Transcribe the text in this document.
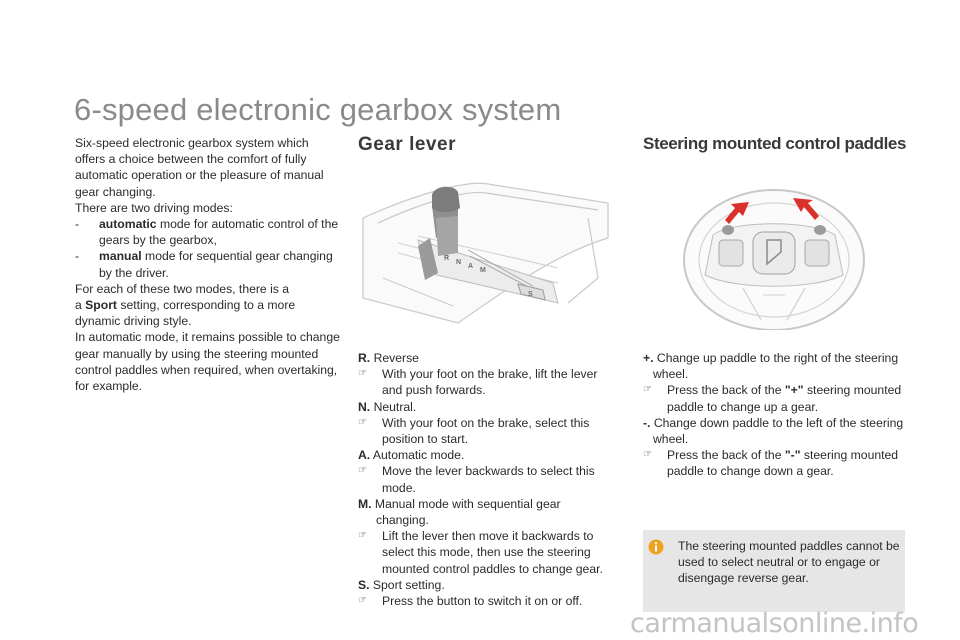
6-speed electronic gearbox system

Six-speed electronic gearbox system which offers a choice between the comfort of fully automatic operation or the pleasure of manual gear changing.

There are two driving modes:

-	automatic mode for automatic control of the gears by the gearbox,
-	manual mode for sequential gear changing by the driver.

For each of these two modes, there is a
a Sport setting, corresponding to a more dynamic driving style.

In automatic mode, it remains possible to change gear manually by using the steering mounted control paddles when required, when overtaking, for example.

Gear lever	Steering mounted control paddles
R
N
A
M
S

R. Reverse

☞	With your foot on the brake, lift the lever and push forwards.

N. Neutral.

☞	With your foot on the brake, select this position to start.

A. Automatic mode.

☞	Move the lever backwards to select this mode.

M. Manual mode with sequential gear changing.

☞	Lift the lever then move it backwards to select this mode, then use the steering mounted control paddles to change gear.

S. Sport setting.

☞	Press the button to switch it on or off.

+. Change up paddle to the right of the steering wheel.

☞	Press the back of the "+" steering mounted paddle to change up a gear.

-. Change down paddle to the left of the steering wheel.

☞	Press the back of the "-" steering mounted paddle to change down a gear.

The steering mounted paddles cannot be used to select neutral or to engage or disengage reverse gear.

carmanualsonline.info
